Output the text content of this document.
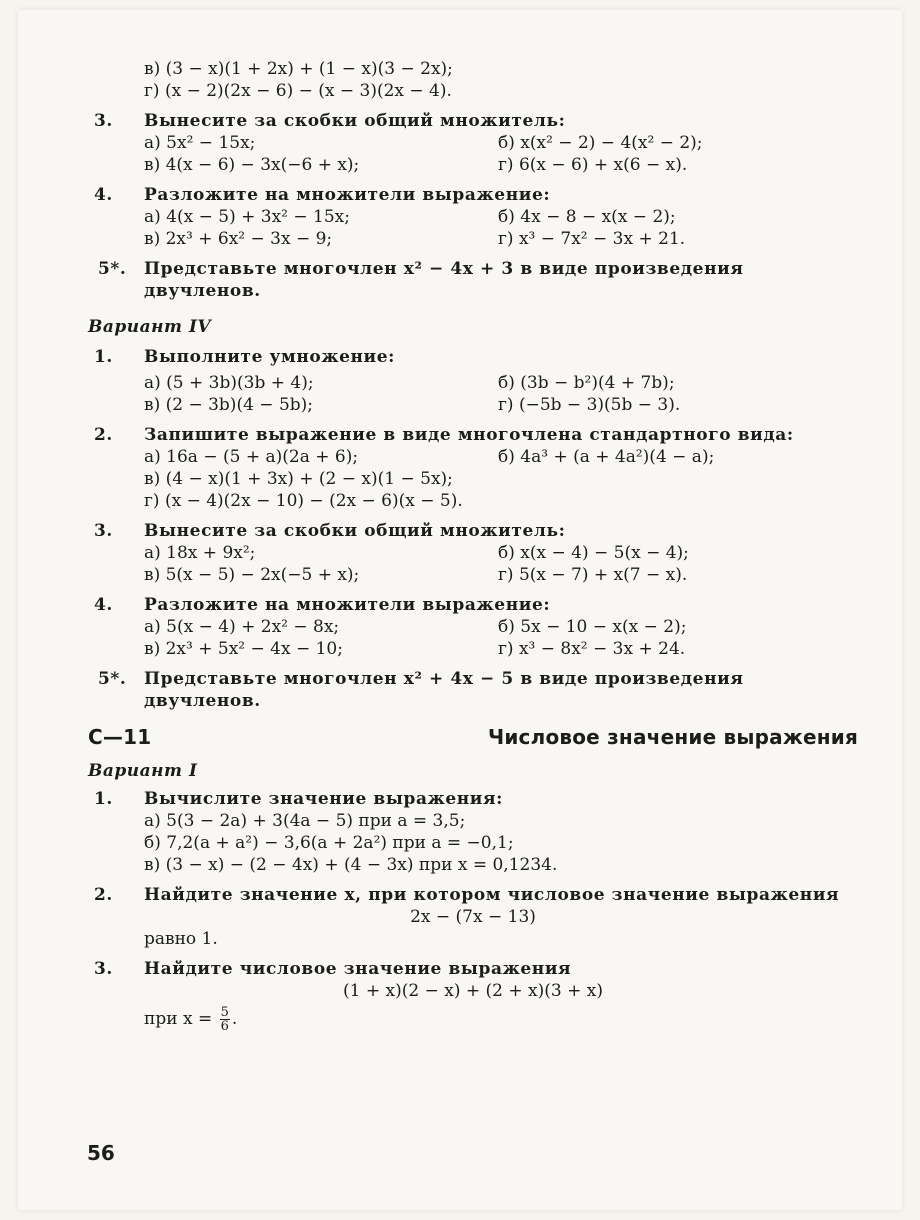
в) (3 − x)(1 + 2x) + (1 − x)(3 − 2x);
г) (x − 2)(2x − 6) − (x − 3)(2x − 4).
3. Вынесите за скобки общий множитель:
а) 5x² − 15x;	б) x(x² − 2) − 4(x² − 2);
в) 4(x − 6) − 3x(−6 + x);	г) 6(x − 6) + x(6 − x).
4. Разложите на множители выражение:
а) 4(x − 5) + 3x² − 15x;	б) 4x − 8 − x(x − 2);
в) 2x³ + 6x² − 3x − 9;	г) x³ − 7x² − 3x + 21.
5*. Представьте многочлен x² − 4x + 3 в виде произведения двучленов.
Вариант IV
1. Выполните умножение:
а) (5 + 3b)(3b + 4);	б) (3b − b²)(4 + 7b);
в) (2 − 3b)(4 − 5b);	г) (−5b − 3)(5b − 3).
2. Запишите выражение в виде многочлена стандартного вида:
а) 16a − (5 + a)(2a + 6);	б) 4a³ + (a + 4a²)(4 − a);
в) (4 − x)(1 + 3x) + (2 − x)(1 − 5x);
г) (x − 4)(2x − 10) − (2x − 6)(x − 5).
3. Вынесите за скобки общий множитель:
а) 18x + 9x²;	б) x(x − 4) − 5(x − 4);
в) 5(x − 5) − 2x(−5 + x);	г) 5(x − 7) + x(7 − x).
4. Разложите на множители выражение:
а) 5(x − 4) + 2x² − 8x;	б) 5x − 10 − x(x − 2);
в) 2x³ + 5x² − 4x − 10;	г) x³ − 8x² − 3x + 24.
5*. Представьте многочлен x² + 4x − 5 в виде произведения двучленов.
С—11	Числовое значение выражения
Вариант I
1. Вычислите значение выражения:
а) 5(3 − 2a) + 3(4a − 5) при a = 3,5;
б) 7,2(a + a²) − 3,6(a + 2a²) при a = −0,1;
в) (3 − x) − (2 − 4x) + (4 − 3x) при x = 0,1234.
2. Найдите значение x, при котором числовое значение выражения
2x − (7x − 13)
равно 1.
3. Найдите числовое значение выражения
(1 + x)(2 − x) + (2 + x)(3 + x)
при $x = \frac{5}{6}$ .
56
